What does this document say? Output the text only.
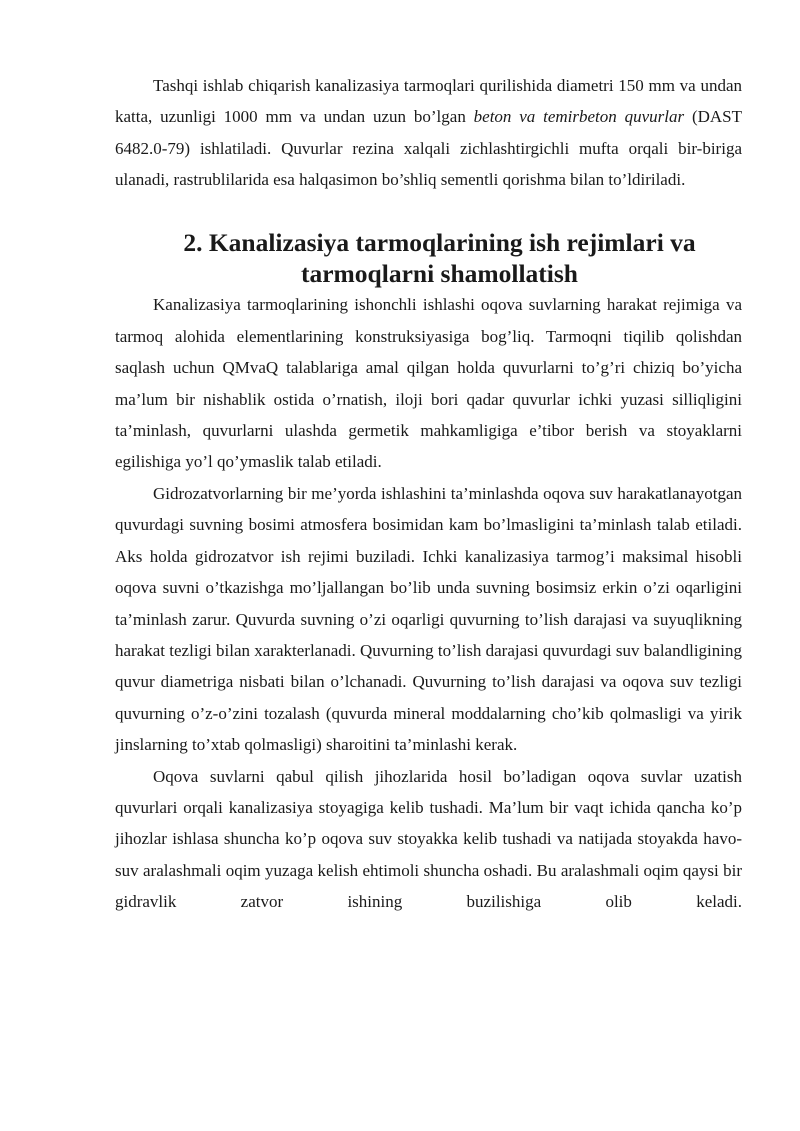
Tashqi ishlab chiqarish kanalizasiya tarmoqlari qurilishida diametri 150 mm va undan katta, uzunligi 1000 mm va undan uzun bo’lgan beton va temirbeton quvurlar (DAST 6482.0-79) ishlatiladi. Quvurlar rezina xalqali zichlashtirgichli mufta orqali bir-biriga ulanadi, rastrublilarida esa halqasimon bo’shliq sementli qorishma bilan to’ldiriladi.

2. Kanalizasiya tarmoqlarining ish rejimlari va tarmoqlarni shamollatish

Kanalizasiya tarmoqlarining ishonchli ishlashi oqova suvlarning harakat rejimiga va tarmoq alohida elementlarining konstruksiyasiga bog’liq. Tarmoqni tiqilib qolishdan saqlash uchun QMvaQ talablariga amal qilgan holda quvurlarni to’g’ri chiziq bo’yicha ma’lum bir nishablik ostida o’rnatish, iloji bori qadar quvurlar ichki yuzasi silliqligini ta’minlash, quvurlarni ulashda germetik mahkamligiga e’tibor berish va stoyaklarni egilishiga yo’l qo’ymaslik talab etiladi.

Gidrozatvorlarning bir me’yorda ishlashini ta’minlashda oqova suv harakatlanayotgan quvurdagi suvning bosimi atmosfera bosimidan kam bo’lmasligini ta’minlash talab etiladi. Aks holda gidrozatvor ish rejimi buziladi. Ichki kanalizasiya tarmog’i maksimal hisobli oqova suvni o’tkazishga mo’ljallangan bo’lib unda suvning bosimsiz erkin o’zi oqarligini ta’minlash zarur. Quvurda suvning o’zi oqarligi quvurning to’lish darajasi va suyuqlikning harakat tezligi bilan xarakterlanadi. Quvurning to’lish darajasi quvurdagi suv balandligining quvur diametriga nisbati bilan o’lchanadi. Quvurning to’lish darajasi va oqova suv tezligi quvurning o’z-o’zini tozalash (quvurda mineral moddalarning cho’kib qolmasligi va yirik jinslarning to’xtab qolmasligi) sharoitini ta’minlashi kerak.

Oqova suvlarni qabul qilish jihozlarida hosil bo’ladigan oqova suvlar uzatish quvurlari orqali kanalizasiya stoyagiga kelib tushadi. Ma’lum bir vaqt ichida qancha ko’p jihozlar ishlasa shuncha ko’p oqova suv stoyakka kelib tushadi va natijada stoyakda havo-suv aralashmali oqim yuzaga kelish ehtimoli shuncha oshadi. Bu aralashmali oqim qaysi bir gidravlik zatvor ishining buzilishiga olib keladi.
